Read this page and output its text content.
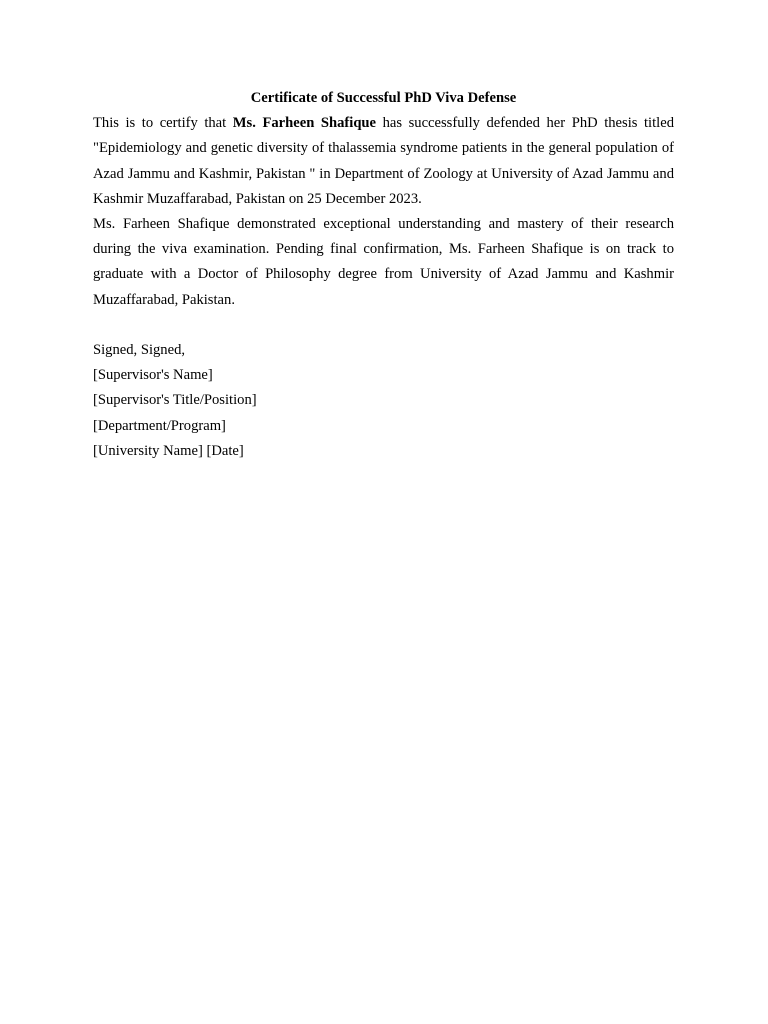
Certificate of Successful PhD Viva Defense

This is to certify that Ms. Farheen Shafique has successfully defended her PhD thesis titled "Epidemiology and genetic diversity of thalassemia syndrome patients in the general population of Azad Jammu and Kashmir, Pakistan " in Department of Zoology at University of Azad Jammu and Kashmir Muzaffarabad, Pakistan on 25 December 2023.

Ms. Farheen Shafique demonstrated exceptional understanding and mastery of their research during the viva examination. Pending final confirmation, Ms. Farheen Shafique is on track to graduate with a Doctor of Philosophy degree from University of Azad Jammu and Kashmir Muzaffarabad, Pakistan.

Signed, Signed,

[Supervisor's Name]

[Supervisor's Title/Position]

[Department/Program]

[University Name] [Date]
